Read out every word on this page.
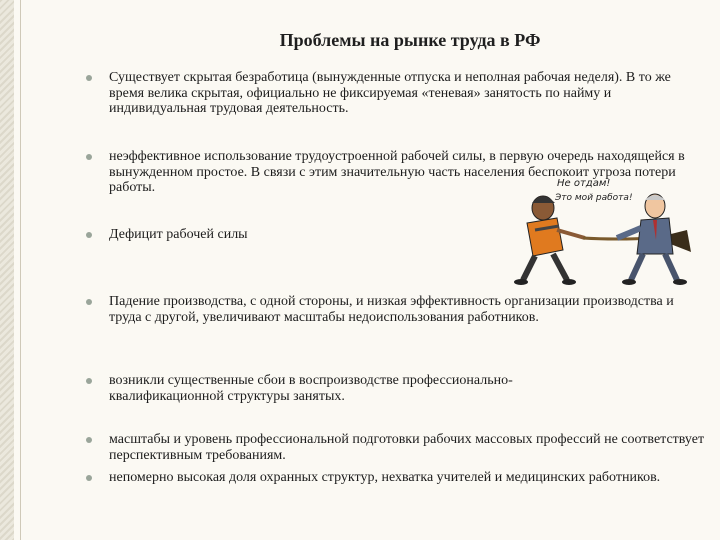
Проблемы на рынке труда в РФ
Существует скрытая безработица (вынужденные отпуска и неполная рабочая неделя). В то же время велика скрытая, официально не фиксируемая «теневая» занятость по найму и индивидуальная трудовая деятельность.
неэффективное использование трудоустроенной рабочей силы, в первую очередь находящейся в вынужденном простое. В связи с этим значительную часть населения беспокоит угроза потери работы.
Дефицит рабочей силы
Падение производства, с одной стороны, и низкая эффективность организации производства и труда с другой, увеличивают масштабы недоиспользования работников.
возникли существенные сбои в воспроизводстве профессионально-квалификационной структуры занятых.
масштабы и уровень профессиональной подготовки рабочих массовых профессий не соответствует перспективным требованиям.
непомерно высокая доля охранных структур, нехватка учителей и медицинских работников.
Не отдам!
Это мой работа!
